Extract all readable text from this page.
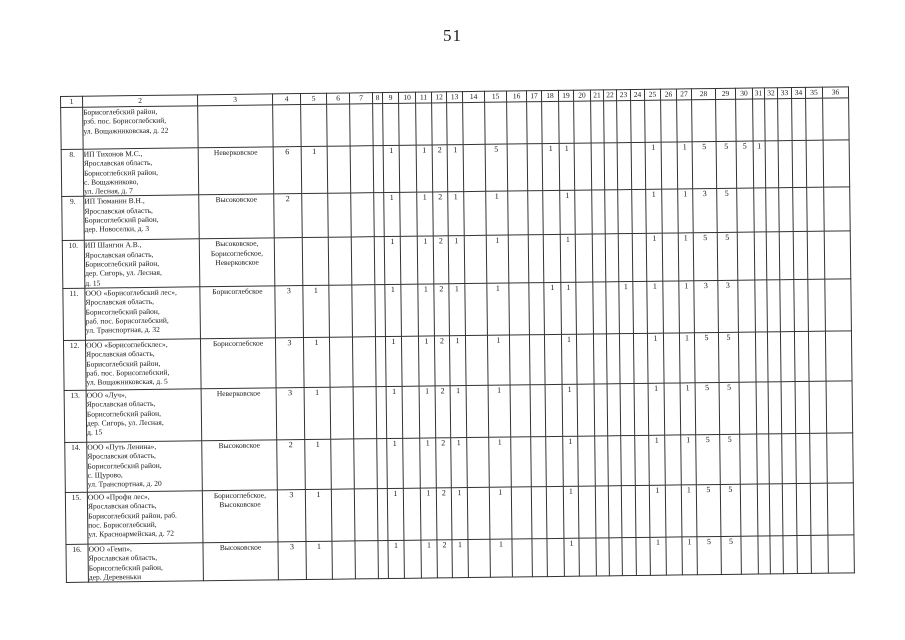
51
1	2	3	4	5	6	7	8	9	10	11	12	13	14	15	16	17	18	19	20	21	22	23	24	25	26	27	28	29	30	31	32	33	34	35	36
	Борисоглебский район,
рзб. пос. Борисоглебский,
ул. Вощажниковская, д. 22																																		
8.	ИП Тихонов М.С.,
Ярославская область,
Борисоглебский район,
с. Вощажниково,
ул. Лесная, д. 7	Неверковское	6	1				1		1	2	1		5			1	1						1		1	5	5	5	1					
9.	ИП Тюманин В.Н.,
Ярославская область,
Борисоглебский район,
дер. Новоселки, д. 3	Высоковское	2					1		1	2	1		1				1						1		1	3	5							
10.	ИП Шангин А.В.,
Ярославская область,
Борисоглебский район,
дер. Сигорь, ул. Лесная,
д. 15	Высоковское,
Борисоглебское,
Неверковское						1		1	2	1		1				1						1		1	5	5							
11.	ООО «Борисоглебский лес»,
Ярославская область,
Борисоглебский район,
раб. пос. Борисоглебский,
ул. Транспортная, д. 32	Борисоглебское	3	1				1		1	2	1		1			1	1				1		1		1	3	3							
12.	ООО «Борисоглебсклес»,
Ярославская область,
Борисоглебский район,
раб. пос. Борисоглебский,
ул. Вощажниковская, д. 5	Борисоглебское	3	1				1		1	2	1		1				1						1		1	5	5							
13.	ООО «Луч»,
Ярославская область,
Борисоглебский район,
дер. Сигорь, ул. Лесная,
д. 15	Неверковское	3	1				1		1	2	1		1				1						1		1	5	5							
14.	ООО «Путь Ленина»,
Ярославская область,
Борисоглебский район,
с. Щурово,
ул. Транспортная, д. 20	Высоковское	2	1				1		1	2	1		1				1						1		1	5	5							
15.	ООО «Профи лес»,
Ярославская область,
Борисоглебский район, раб.
пос. Борисоглебский,
ул. Красноармейская, д. 72	Борисоглебское,
Высоковское	3	1				1		1	2	1		1				1						1		1	5	5							
16.	ООО «Гемп»,
Ярославская область,
Борисоглебский район,
дер. Деревеньки	Высоковское	3	1				1		1	2	1		1				1						1		1	5	5							
